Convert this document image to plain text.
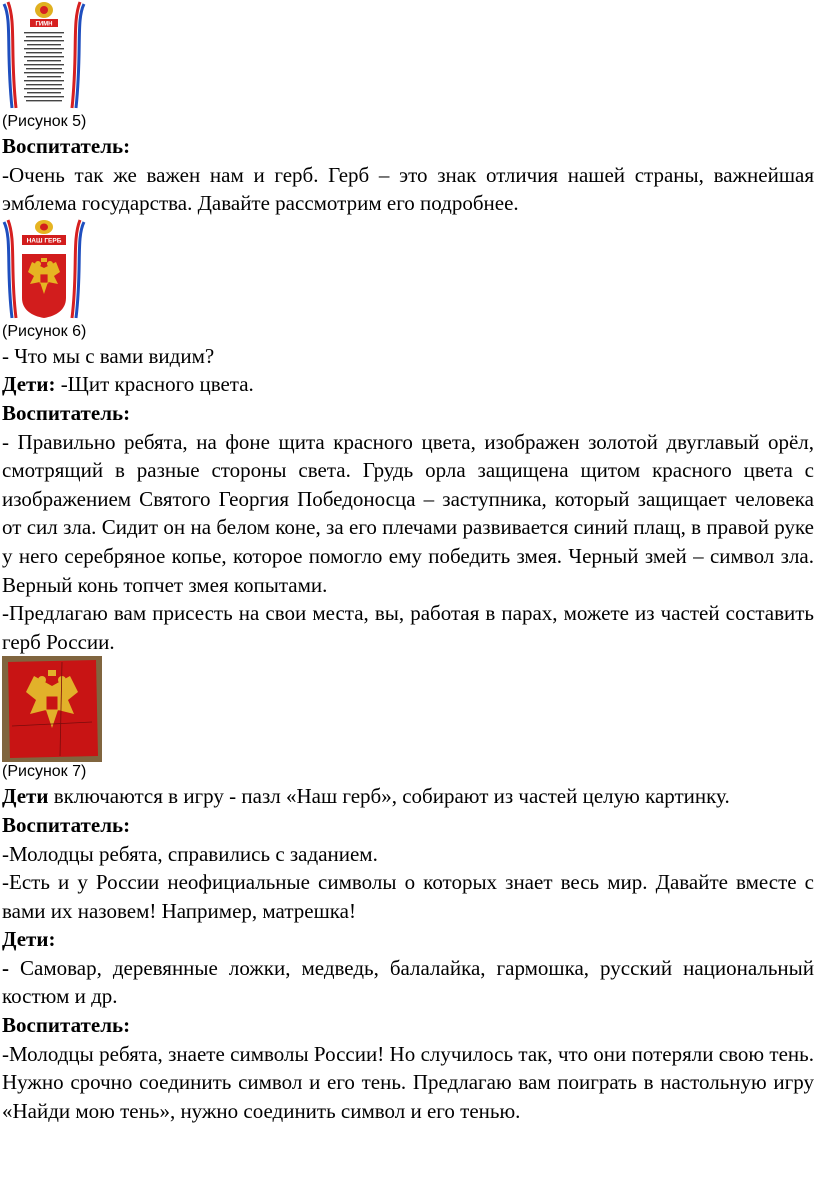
ГИМН

(Рисунок 5)

Воспитатель:

-Очень так же важен нам и герб. Герб – это знак отличия нашей страны, важнейшая эмблема государства. Давайте рассмотрим его подробнее.

НАШ ГЕРБ

(Рисунок 6)

- Что мы с вами видим?

Дети: -Щит красного цвета.

Воспитатель:

- Правильно ребята, на фоне щита красного цвета, изображен золотой двуглавый орёл, смотрящий в разные стороны света. Грудь орла защищена щитом красного цвета с изображением Святого Георгия Победоносца – заступника, который защищает человека от сил зла. Сидит он на белом коне, за его плечами развивается синий плащ, в правой руке у него серебряное копье, которое помогло ему победить змея. Черный змей – символ зла. Верный конь топчет змея копытами.

-Предлагаю вам присесть на свои места, вы, работая в парах, можете из частей составить герб России.

(Рисунок 7)

Дети включаются в игру - пазл «Наш герб», собирают из частей целую картинку.

Воспитатель:

-Молодцы ребята, справились с заданием.

-Есть и у России неофициальные символы о которых знает весь мир. Давайте вместе с вами их назовем! Например, матрешка!

Дети:

- Самовар, деревянные ложки, медведь, балалайка, гармошка, русский национальный костюм и др.

Воспитатель:

-Молодцы ребята, знаете символы России! Но случилось так, что они потеряли свою тень. Нужно срочно соединить символ и его тень. Предлагаю вам поиграть в настольную игру «Найди мою тень», нужно соединить символ и его тенью.
